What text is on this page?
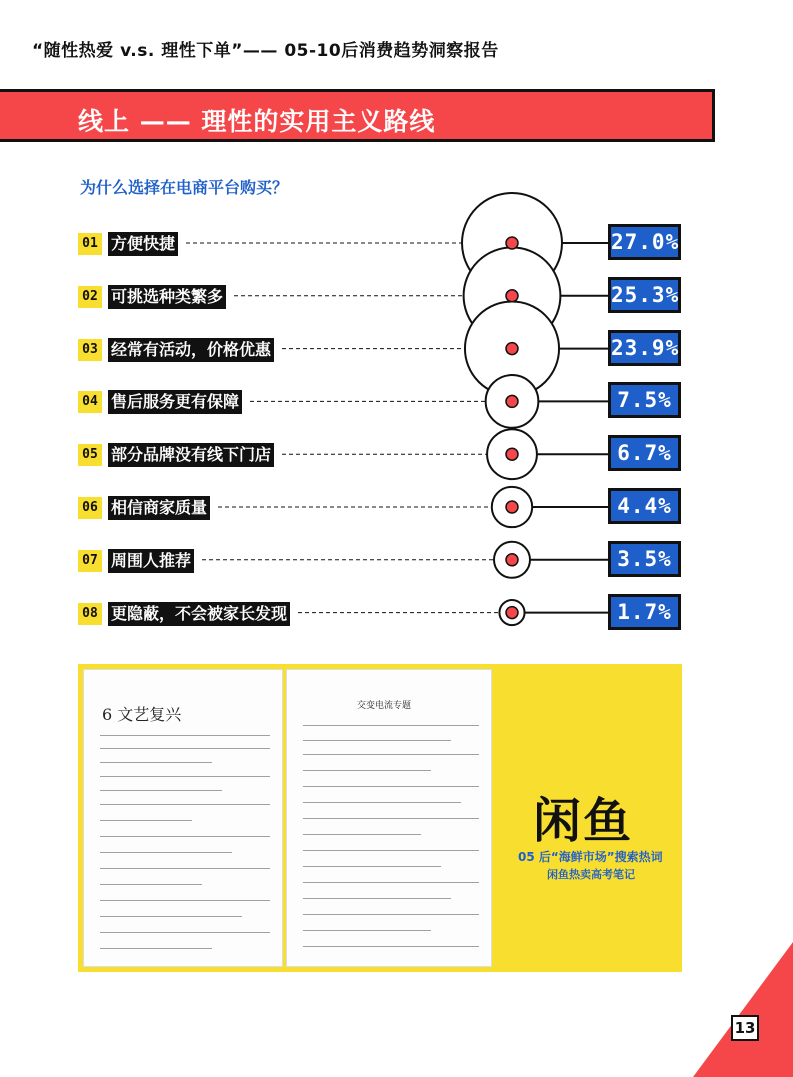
“随性热爱 v.s. 理性下单”—— 05-10后消费趋势洞察报告
线上 —— 理性的实用主义路线
为什么选择在电商平台购买？
01 方便快捷	27.0%
02 可挑选种类繁多	25.3%
03 经常有活动，价格优惠	23.9%
04 售后服务更有保障	7.5%
05 部分品牌没有线下门店	6.7%
06 相信商家质量	4.4%
07 周围人推荐	3.5%
08 更隐蔽，不会被家长发现	1.7%
6 文艺复兴	交变电流专题
闲鱼
05 后“海鲜市场”搜索热词
闲鱼热卖高考笔记
13
